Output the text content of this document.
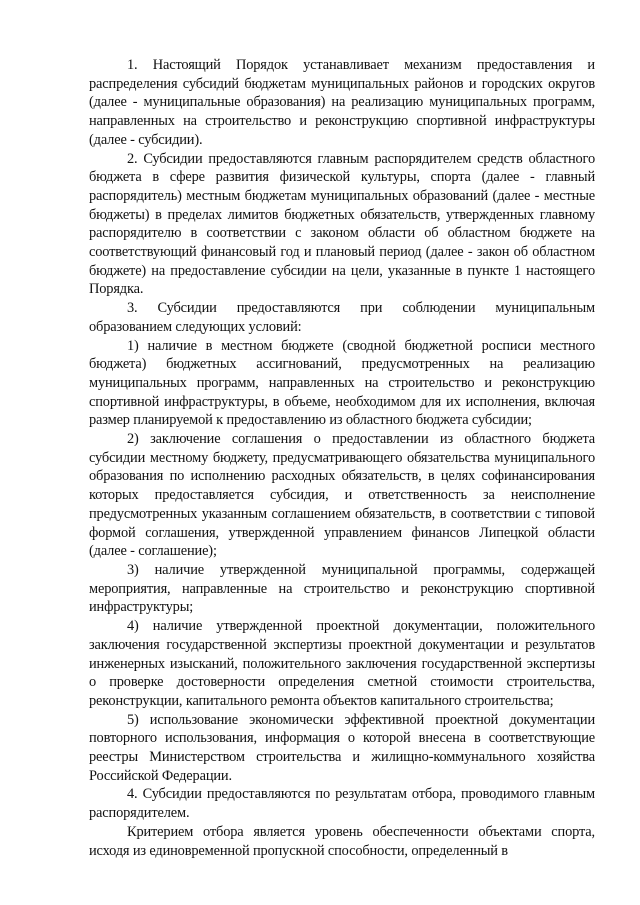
1. Настоящий Порядок устанавливает механизм предоставления и распределения субсидий бюджетам муниципальных районов и городских округов (далее - муниципальные образования) на реализацию муниципальных программ, направленных на строительство и реконструкцию спортивной инфраструктуры (далее - субсидии).

2. Субсидии предоставляются главным распорядителем средств областного бюджета в сфере развития физической культуры, спорта (далее - главный распорядитель) местным бюджетам муниципальных образований (далее - местные бюджеты) в пределах лимитов бюджетных обязательств, утвержденных главному распорядителю в соответствии с законом области об областном бюджете на соответствующий финансовый год и плановый период (далее - закон об областном бюджете) на предоставление субсидии на цели, указанные в пункте 1 настоящего Порядка.

3. Субсидии предоставляются при соблюдении муниципальным образованием следующих условий:

1) наличие в местном бюджете (сводной бюджетной росписи местного бюджета) бюджетных ассигнований, предусмотренных на реализацию муниципальных программ, направленных на строительство и реконструкцию спортивной инфраструктуры, в объеме, необходимом для их исполнения, включая размер планируемой к предоставлению из областного бюджета субсидии;

2) заключение соглашения о предоставлении из областного бюджета субсидии местному бюджету, предусматривающего обязательства муниципального образования по исполнению расходных обязательств, в целях софинансирования которых предоставляется субсидия, и ответственность за неисполнение предусмотренных указанным соглашением обязательств, в соответствии с типовой формой соглашения, утвержденной управлением финансов Липецкой области (далее - соглашение);

3) наличие утвержденной муниципальной программы, содержащей мероприятия, направленные на строительство и реконструкцию спортивной инфраструктуры;

4) наличие утвержденной проектной документации, положительного заключения государственной экспертизы проектной документации и результатов инженерных изысканий, положительного заключения государственной экспертизы о проверке достоверности определения сметной стоимости строительства, реконструкции, капитального ремонта объектов капитального строительства;

5) использование экономически эффективной проектной документации повторного использования, информация о которой внесена в соответствующие реестры Министерством строительства и жилищно-коммунального хозяйства Российской Федерации.

4. Субсидии предоставляются по результатам отбора, проводимого главным распорядителем.

Критерием отбора является уровень обеспеченности объектами спорта, исходя из единовременной пропускной способности, определенный в
